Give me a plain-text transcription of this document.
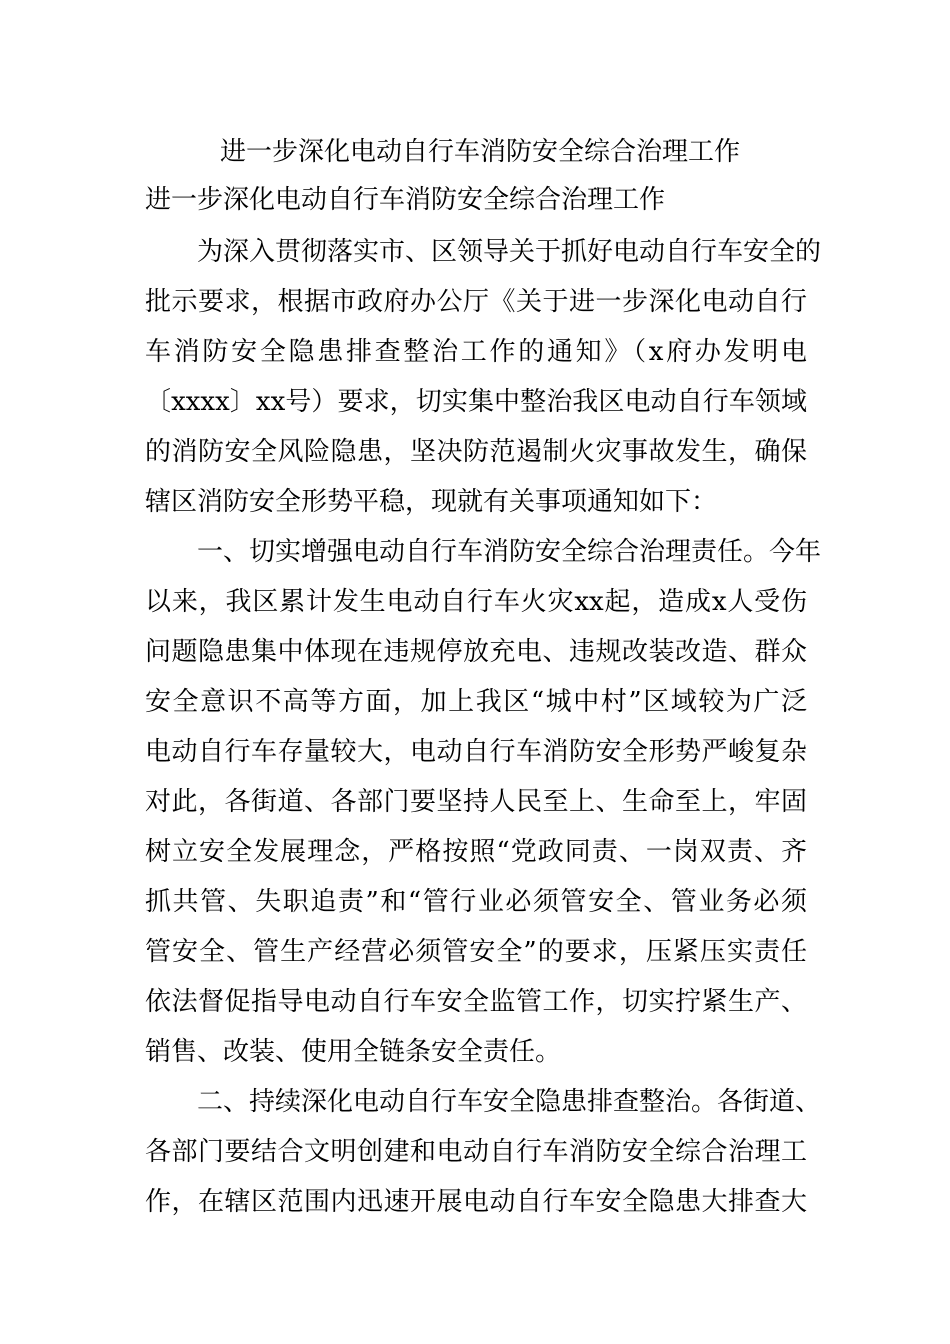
进一步深化电动自行车消防安全综合治理工作
进一步深化电动自行车消防安全综合治理工作
　　为深入贯彻落实市、区领导关于抓好电动自行车安全的
批示要求，根据市政府办公厅《关于进一步深化电动自行
车消防安全隐患排查整治工作的通知》（x府办发明电
〔xxxx〕xx号）要求，切实集中整治我区电动自行车领域
的消防安全风险隐患，坚决防范遏制火灾事故发生，确保
辖区消防安全形势平稳，现就有关事项通知如下：
　　一、切实增强电动自行车消防安全综合治理责任。今年
以来，我区累计发生电动自行车火灾xx起，造成x人受伤
问题隐患集中体现在违规停放充电、违规改装改造、群众
安全意识不高等方面，加上我区“城中村”区域较为广泛
电动自行车存量较大，电动自行车消防安全形势严峻复杂
对此，各街道、各部门要坚持人民至上、生命至上，牢固
树立安全发展理念，严格按照“党政同责、一岗双责、齐
抓共管、失职追责”和“管行业必须管安全、管业务必须
管安全、管生产经营必须管安全”的要求，压紧压实责任
依法督促指导电动自行车安全监管工作，切实拧紧生产、
销售、改装、使用全链条安全责任。
　　二、持续深化电动自行车安全隐患排查整治。各街道、
各部门要结合文明创建和电动自行车消防安全综合治理工
作，在辖区范围内迅速开展电动自行车安全隐患大排查大
